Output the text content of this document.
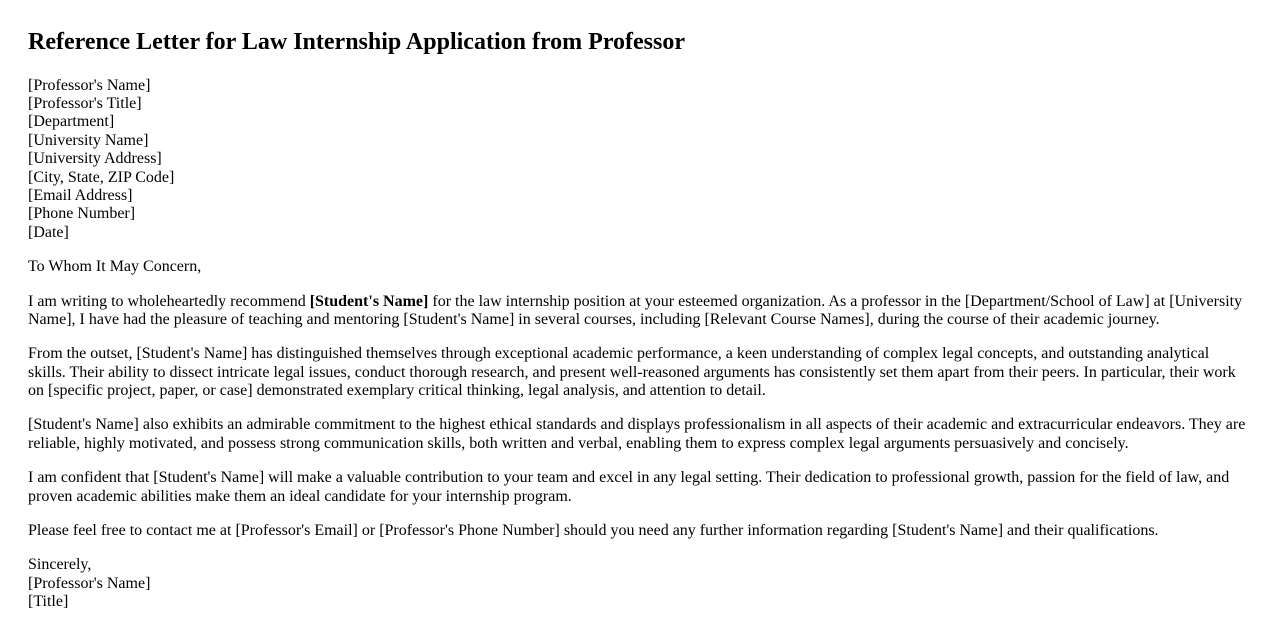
Reference Letter for Law Internship Application from Professor
[Professor's Name]
[Professor's Title]
[Department]
[University Name]
[University Address]
[City, State, ZIP Code]
[Email Address]
[Phone Number]
[Date]

To Whom It May Concern,

I am writing to wholeheartedly recommend [Student's Name] for the law internship position at your esteemed organization. As a professor in the [Department/School of Law] at [University Name], I have had the pleasure of teaching and mentoring [Student's Name] in several courses, including [Relevant Course Names], during the course of their academic journey.

From the outset, [Student's Name] has distinguished themselves through exceptional academic performance, a keen understanding of complex legal concepts, and outstanding analytical skills. Their ability to dissect intricate legal issues, conduct thorough research, and present well-reasoned arguments has consistently set them apart from their peers. In particular, their work on [specific project, paper, or case] demonstrated exemplary critical thinking, legal analysis, and attention to detail.

[Student's Name] also exhibits an admirable commitment to the highest ethical standards and displays professionalism in all aspects of their academic and extracurricular endeavors. They are reliable, highly motivated, and possess strong communication skills, both written and verbal, enabling them to express complex legal arguments persuasively and concisely.

I am confident that [Student's Name] will make a valuable contribution to your team and excel in any legal setting. Their dedication to professional growth, passion for the field of law, and proven academic abilities make them an ideal candidate for your internship program.

Please feel free to contact me at [Professor's Email] or [Professor's Phone Number] should you need any further information regarding [Student's Name] and their qualifications.

Sincerely,
[Professor's Name]
[Title]
